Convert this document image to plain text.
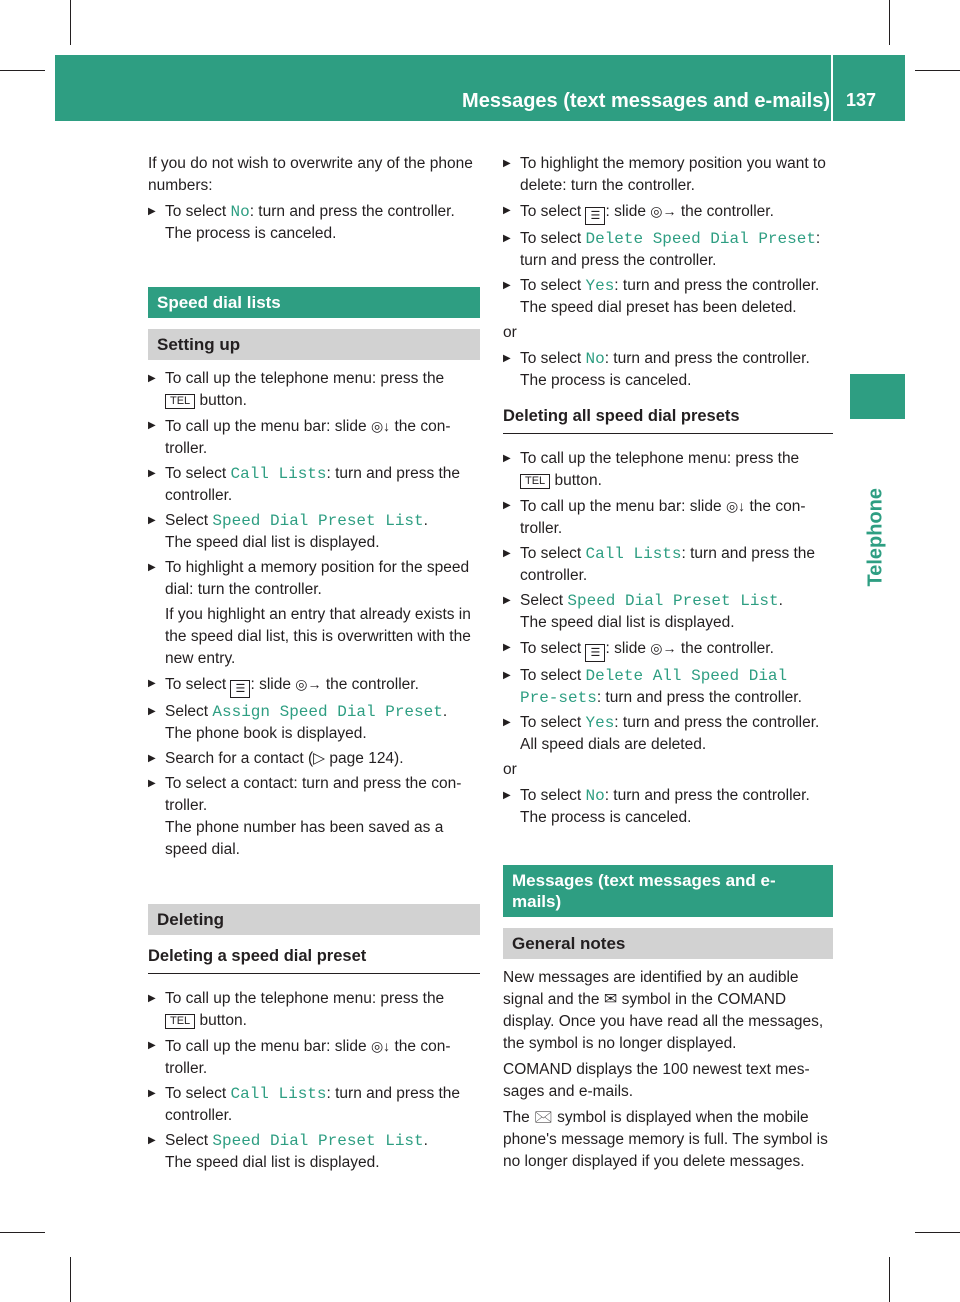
Messages (text messages and e-mails) 137
Telephone

If you do not wish to overwrite any of the phone numbers:

▶ To select No: turn and press the controller.
The process is canceled.
Speed dial lists
Setting up
▶ To call up the telephone menu: press the
TEL button.
▶ To call up the menu bar: slide ◎↓ the con-troller.
▶ To select Call Lists: turn and press the controller.
▶ Select Speed Dial Preset List.
The speed dial list is displayed.
▶ To highlight a memory position for the speed dial: turn the controller.

If you highlight an entry that already exists in the speed dial list, this is overwritten with the new entry.

▶ To select ☰ : slide ◎→ the controller.
▶ Select Assign Speed Dial Preset.
The phone book is displayed.
▶ Search for a contact (▷ page 124).
▶ To select a contact: turn and press the con-troller.
The phone number has been saved as a speed dial.
Deleting
Deleting a speed dial preset
▶ To call up the telephone menu: press the
TEL button.
▶ To call up the menu bar: slide ◎↓ the con-troller.
▶ To select Call Lists: turn and press the controller.
▶ Select Speed Dial Preset List.
The speed dial list is displayed.
▶ To highlight the memory position you want to delete: turn the controller.
▶ To select ☰ : slide ◎→ the controller.
▶ To select Delete Speed Dial Preset: turn and press the controller.
▶ To select Yes: turn and press the controller.
The speed dial preset has been deleted.

or

▶ To select No: turn and press the controller.
The process is canceled.
Deleting all speed dial presets
▶ To call up the telephone menu: press the
TEL button.
▶ To call up the menu bar: slide ◎↓ the con-troller.
▶ To select Call Lists: turn and press the controller.
▶ Select Speed Dial Preset List.
The speed dial list is displayed.
▶ To select ☰ : slide ◎→ the controller.
▶ To select Delete All Speed Dial Pre‐sets: turn and press the controller.
▶ To select Yes: turn and press the controller.
All speed dials are deleted.

or

▶ To select No: turn and press the controller.
The process is canceled.
Messages (text messages and e-mails)
General notes

New messages are identified by an audible signal and the ✉ symbol in the COMAND display. Once you have read all the messages, the symbol is no longer displayed.

COMAND displays the 100 newest text mes-sages and e-mails.

The 🖂 symbol is displayed when the mobile phone's message memory is full. The symbol is no longer displayed if you delete messages.
